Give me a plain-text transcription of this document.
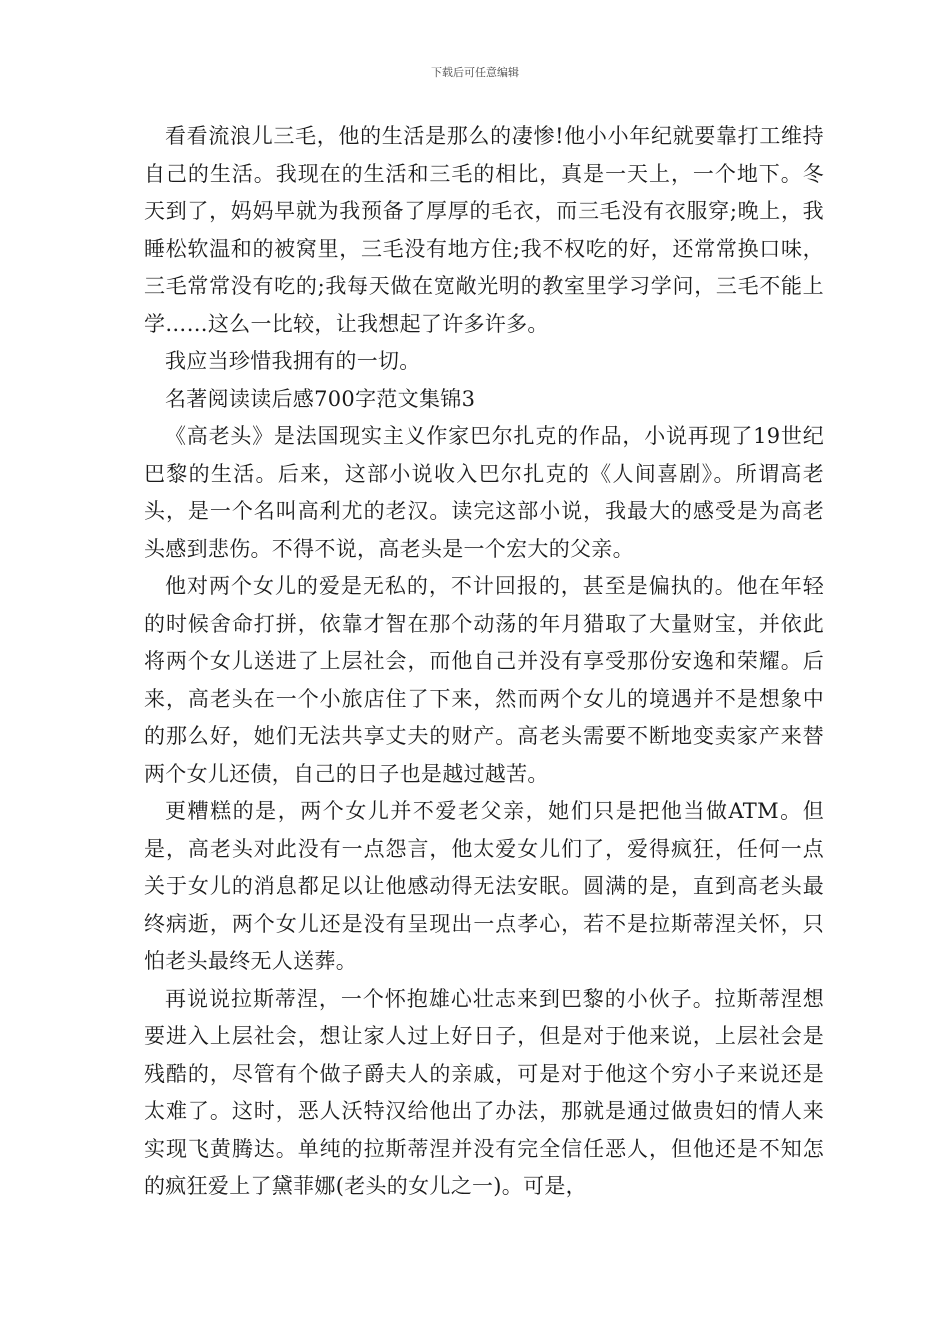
下载后可任意编辑

看看流浪儿三毛，他的生活是那么的凄惨!他小小年纪就要靠打工维持自己的生活。我现在的生活和三毛的相比，真是一天上，一个地下。冬天到了，妈妈早就为我预备了厚厚的毛衣，而三毛没有衣服穿;晚上，我睡松软温和的被窝里，三毛没有地方住;我不权吃的好，还常常换口味，三毛常常没有吃的;我每天做在宽敞光明的教室里学习学问，三毛不能上学……这么一比较，让我想起了许多许多。

我应当珍惜我拥有的一切。

名著阅读读后感700字范文集锦3

《高老头》是法国现实主义作家巴尔扎克的作品，小说再现了19世纪巴黎的生活。后来，这部小说收入巴尔扎克的《人间喜剧》。所谓高老头，是一个名叫高利尤的老汉。读完这部小说，我最大的感受是为高老头感到悲伤。不得不说，高老头是一个宏大的父亲。

他对两个女儿的爱是无私的，不计回报的，甚至是偏执的。他在年轻的时候舍命打拼，依靠才智在那个动荡的年月猎取了大量财宝，并依此将两个女儿送进了上层社会，而他自己并没有享受那份安逸和荣耀。后来，高老头在一个小旅店住了下来，然而两个女儿的境遇并不是想象中的那么好，她们无法共享丈夫的财产。高老头需要不断地变卖家产来替两个女儿还债，自己的日子也是越过越苦。

更糟糕的是，两个女儿并不爱老父亲，她们只是把他当做ATM。但是，高老头对此没有一点怨言，他太爱女儿们了，爱得疯狂，任何一点关于女儿的消息都足以让他感动得无法安眠。圆满的是，直到高老头最终病逝，两个女儿还是没有呈现出一点孝心，若不是拉斯蒂涅关怀，只怕老头最终无人送葬。

再说说拉斯蒂涅，一个怀抱雄心壮志来到巴黎的小伙子。拉斯蒂涅想要进入上层社会，想让家人过上好日子，但是对于他来说，上层社会是残酷的，尽管有个做子爵夫人的亲戚，可是对于他这个穷小子来说还是太难了。这时，恶人沃特汉给他出了办法，那就是通过做贵妇的情人来实现飞黄腾达。单纯的拉斯蒂涅并没有完全信任恶人，但他还是不知怎的疯狂爱上了黛菲娜(老头的女儿之一)。可是，
